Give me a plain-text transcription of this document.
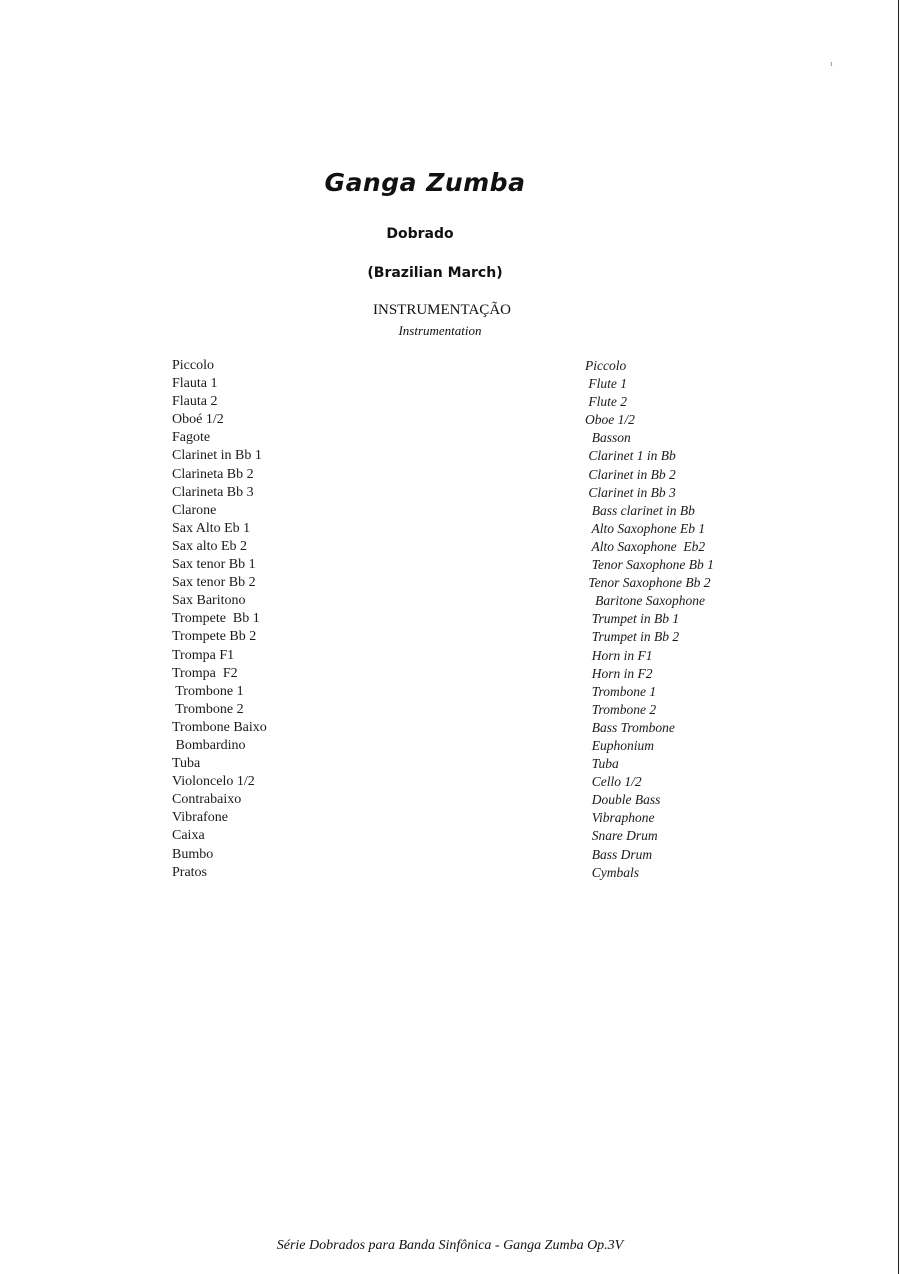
1
Ganga Zumba
Dobrado
(Brazilian March)
INSTRUMENTAÇÃO
Instrumentation
Piccolo
Flauta 1
Flauta 2
Oboé 1/2
Fagote
Clarinet in Bb 1
Clarineta Bb 2
Clarineta Bb 3
Clarone
Sax Alto Eb 1
Sax alto Eb 2
Sax tenor Bb 1
Sax tenor Bb 2
Sax Baritono
Trompete  Bb 1
Trompete Bb 2
Trompa F1
Trompa  F2
Trombone 1
Trombone 2
Trombone Baixo
Bombardino
Tuba
Violoncelo 1/2
Contrabaixo
Vibrafone
Caixa
Bumbo
Pratos
Piccolo
Flute 1
Flute 2
Oboe 1/2
Basson
Clarinet 1 in Bb
Clarinet in Bb 2
Clarinet in Bb 3
Bass clarinet in Bb
Alto Saxophone Eb 1
Alto Saxophone  Eb2
Tenor Saxophone Bb 1
Tenor Saxophone Bb 2
Baritone Saxophone
Trumpet in Bb 1
Trumpet in Bb 2
Horn in F1
Horn in F2
Trombone 1
Trombone 2
Bass Trombone
Euphonium
Tuba
Cello 1/2
Double Bass
Vibraphone
Snare Drum
Bass Drum
Cymbals
Série Dobrados para Banda Sinfônica - Ganga Zumba Op.3V
